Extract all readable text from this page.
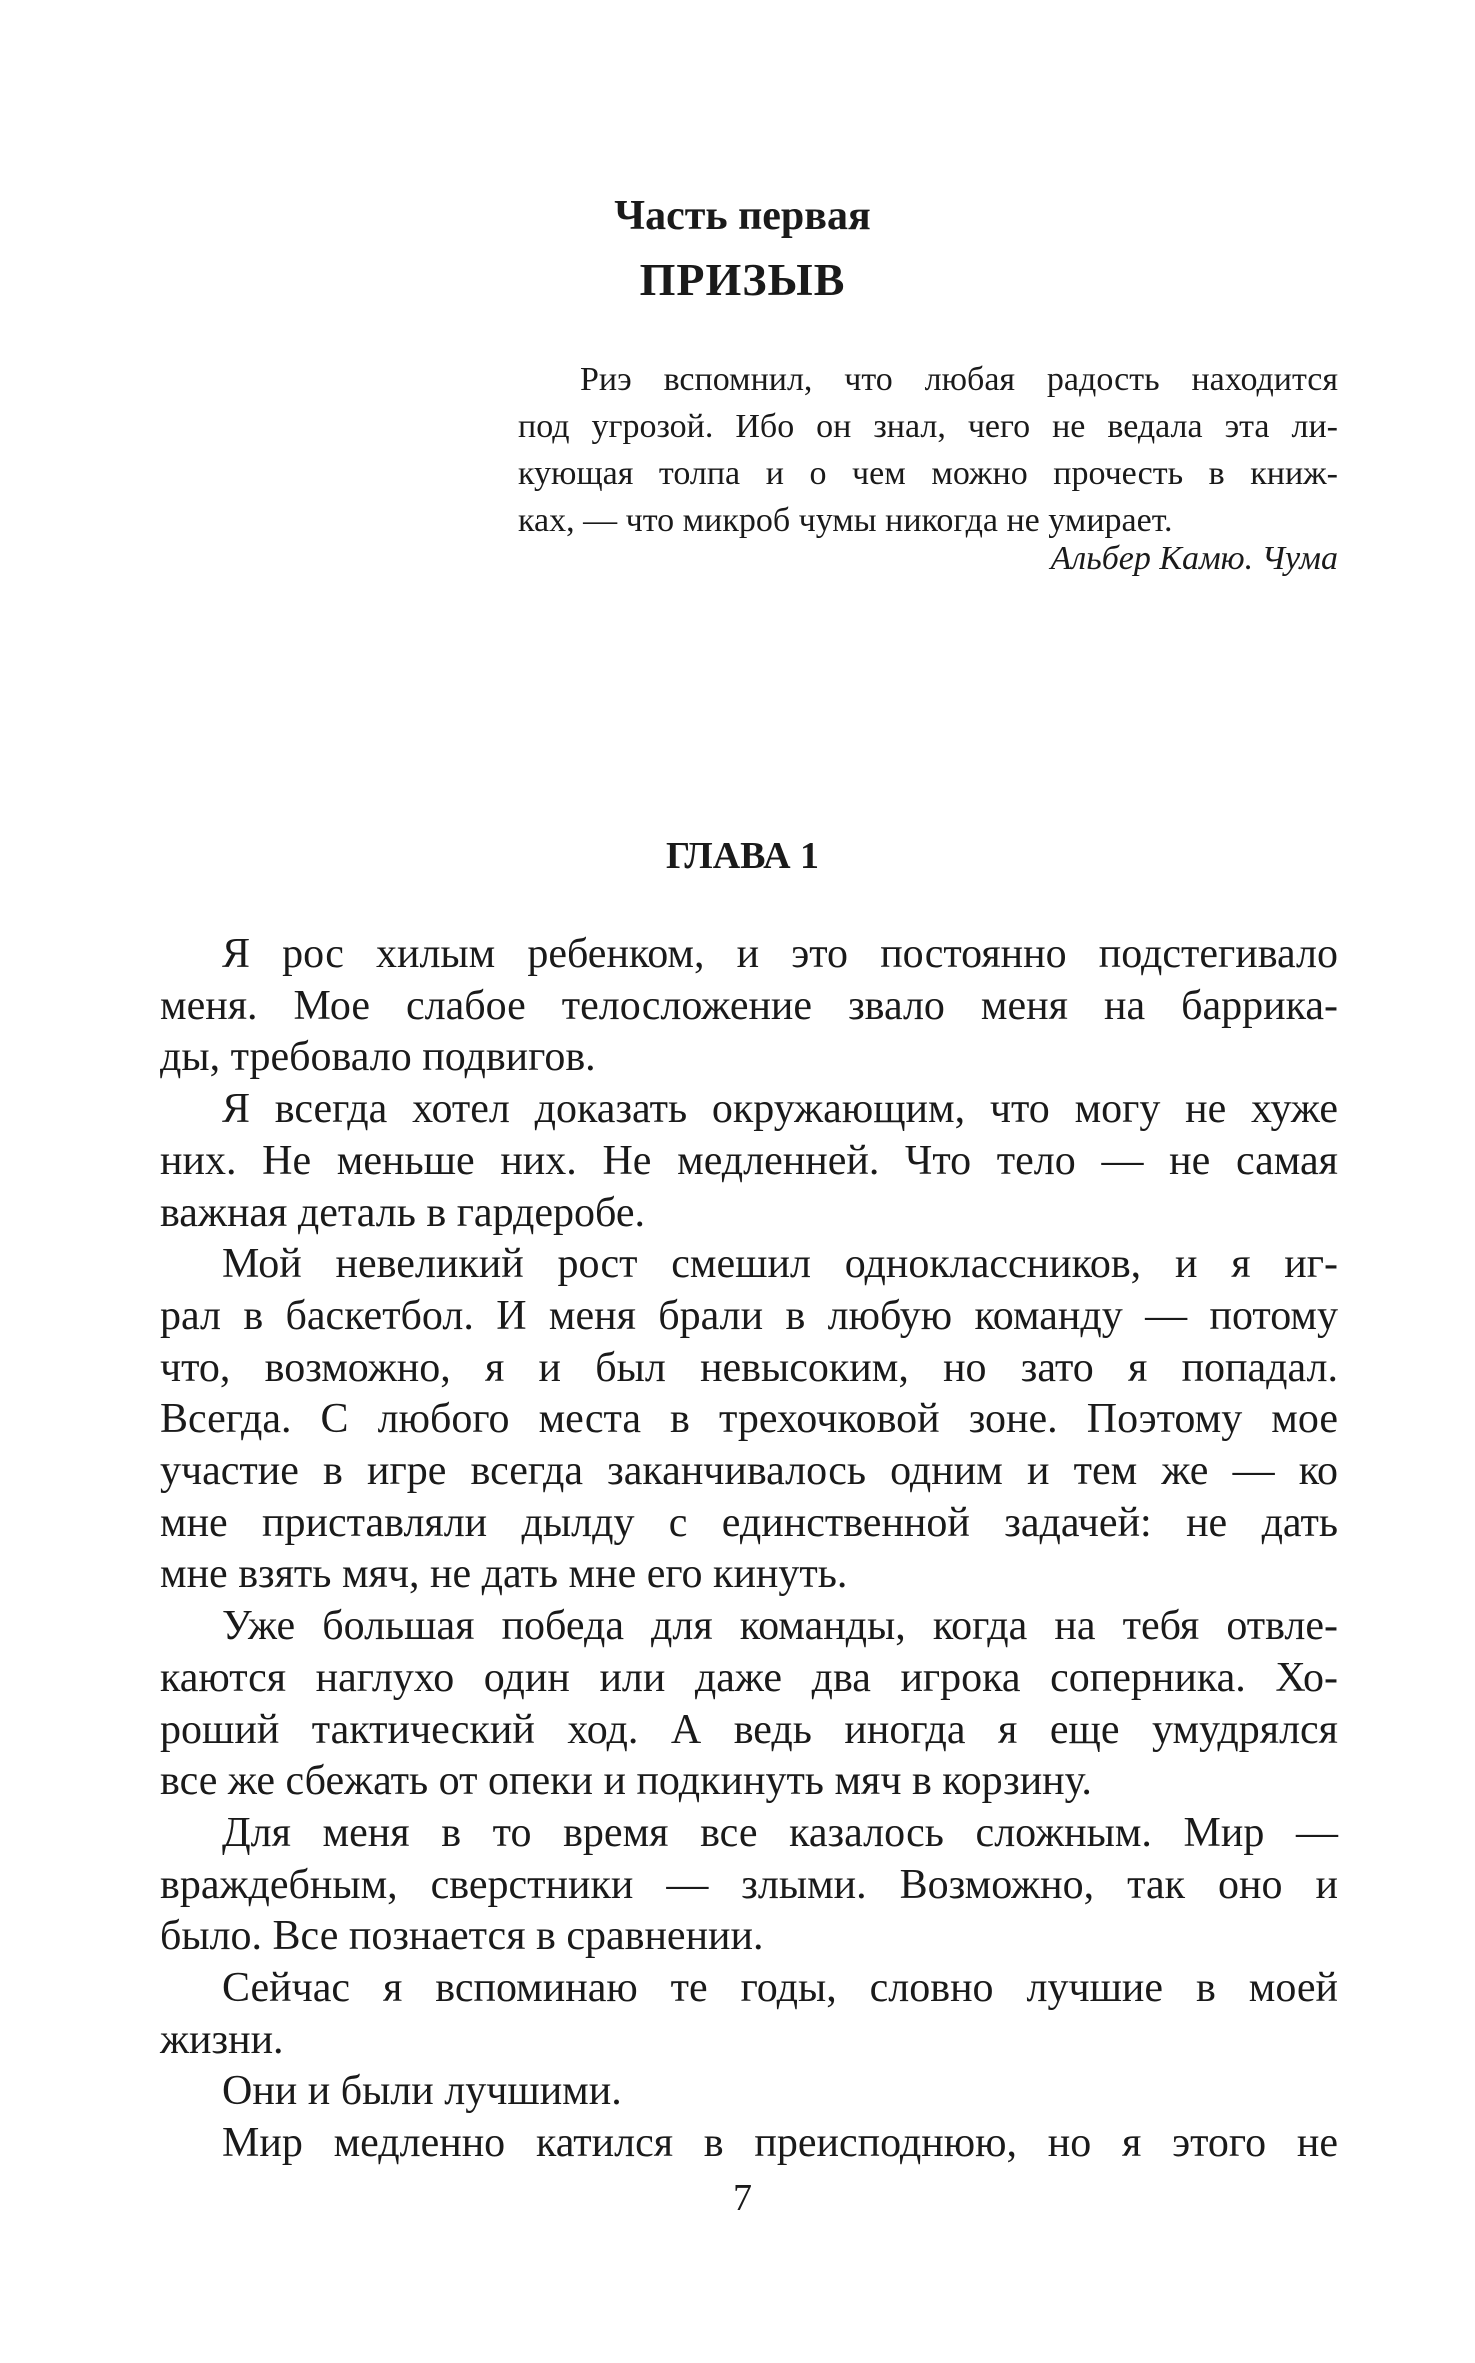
Часть первая
ПРИЗЫВ
Риэ вспомнил, что любая радость находится
под угрозой. Ибо он знал, чего не ведала эта ли-
кующая толпа и о чем можно прочесть в книж-
ках, — что микроб чумы никогда не умирает.
Альбер Камю. Чума
ГЛАВА 1
Я рос хилым ребенком, и это постоянно подстегивало
меня. Мое слабое телосложение звало меня на баррика-
ды, требовало подвигов.
Я всегда хотел доказать окружающим, что могу не хуже
них. Не меньше них. Не медленней. Что тело — не самая
важная деталь в гардеробе.
Мой невеликий рост смешил одноклассников, и я иг-
рал в баскетбол. И меня брали в любую команду — потому
что, возможно, я и был невысоким, но зато я попадал.
Всегда. С любого места в трехочковой зоне. Поэтому мое
участие в игре всегда заканчивалось одним и тем же — ко
мне приставляли дылду с единственной задачей: не дать
мне взять мяч, не дать мне его кинуть.
Уже большая победа для команды, когда на тебя отвле-
каются наглухо один или даже два игрока соперника. Хо-
роший тактический ход. А ведь иногда я еще умудрялся
все же сбежать от опеки и подкинуть мяч в корзину.
Для меня в то время все казалось сложным. Мир —
враждебным, сверстники — злыми. Возможно, так оно и
было. Все познается в сравнении.
Сейчас я вспоминаю те годы, словно лучшие в моей
жизни.
Они и были лучшими.
Мир медленно катился в преисподнюю, но я этого не
7
